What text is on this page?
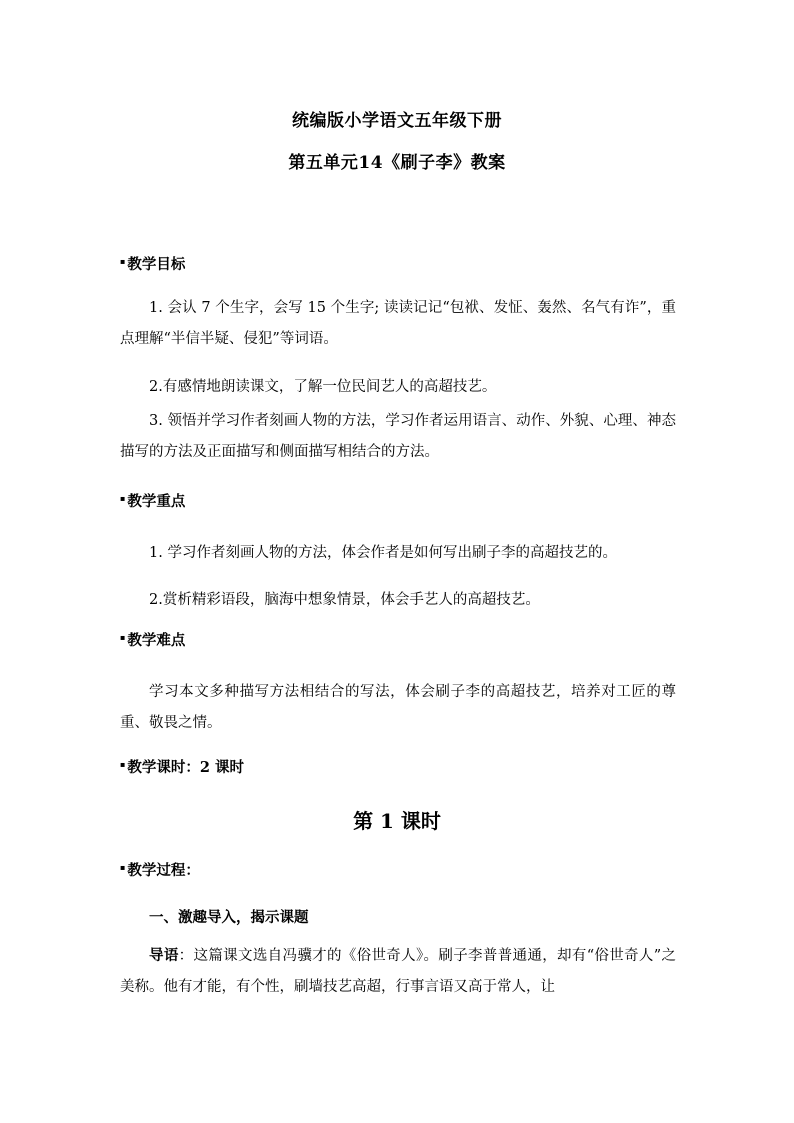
统编版小学语文五年级下册
第五单元14《刷子李》教案
▪ 教学目标
1. 会认 7 个生字，会写 15 个生字; 读读记记“包袱、发怔、轰然、名气有诈”，重点理解“半信半疑、侵犯”等词语。
2.有感情地朗读课文，了解一位民间艺人的高超技艺。
3. 领悟并学习作者刻画人物的方法，学习作者运用语言、动作、外貌、心理、神态描写的方法及正面描写和侧面描写相结合的方法。
▪ 教学重点
1. 学习作者刻画人物的方法，体会作者是如何写出刷子李的高超技艺的。
2.赏析精彩语段，脑海中想象情景，体会手艺人的高超技艺。
▪ 教学难点
学习本文多种描写方法相结合的写法，体会刷子李的高超技艺，培养对工匠的尊重、敬畏之情。
▪ 教学课时：2 课时
第 1 课时
▪ 教学过程：
一、激趣导入，揭示课题
导语：这篇课文选自冯骥才的《俗世奇人》。刷子李普普通通，却有“俗世奇人”之美称。他有才能，有个性，刷墙技艺高超，行事言语又高于常人，让
